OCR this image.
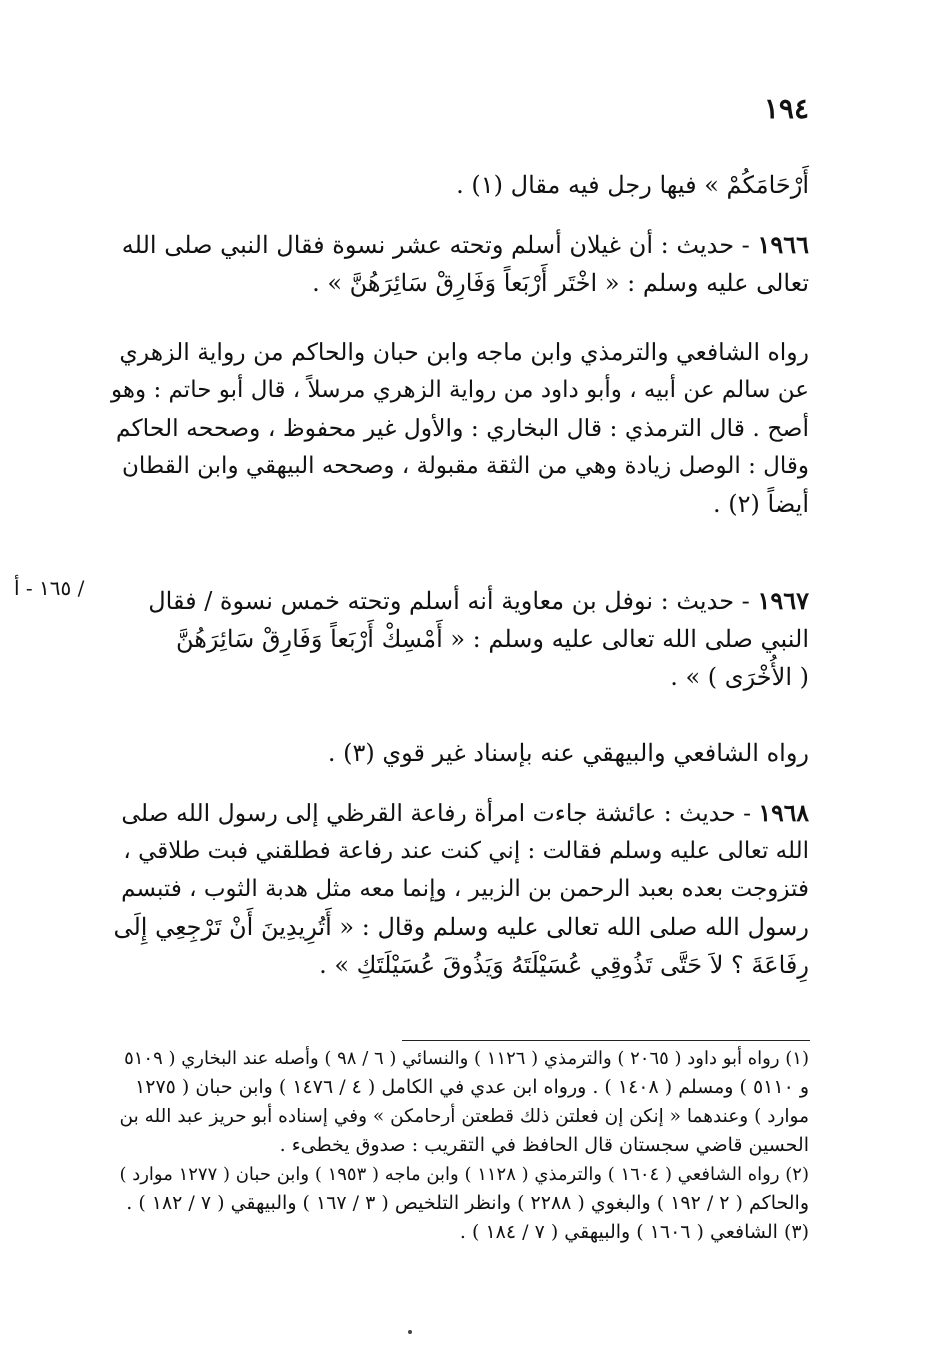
١٩٤
/ ١٦٥ - أ
أَرْحَامَكُمْ » فيها رجل فيه مقال (١) .
١٩٦٦ - حديث : أن غيلان أسلم وتحته عشر نسوة فقال النبي صلى الله
تعالى عليه وسلم : « اخْتَر أَرْبَعاً وَفَارِقْ سَائِرَهُنَّ » .
رواه الشافعي والترمذي وابن ماجه وابن حبان والحاكم من رواية الزهري
عن سالم عن أبيه ، وأبو داود من رواية الزهري مرسلاً ، قال أبو حاتم : وهو
أصح . قال الترمذي : قال البخاري : والأول غير محفوظ ، وصححه الحاكم
وقال : الوصل زيادة وهي من الثقة مقبولة ، وصححه البيهقي وابن القطان
أيضاً (٢) .
١٩٦٧ - حديث : نوفل بن معاوية أنه أسلم وتحته خمس نسوة / فقال
النبي صلى الله تعالى عليه وسلم : « أَمْسِكْ أَرْبَعاً وَفَارِقْ سَائِرَهُنَّ
( الأُخْرَى ) » .
رواه الشافعي والبيهقي عنه بإسناد غير قوي (٣) .
١٩٦٨ - حديث : عائشة جاءت امرأة رفاعة القرظي إلى رسول الله صلى
الله تعالى عليه وسلم فقالت : إني كنت عند رفاعة فطلقني فبت طلاقي ،
فتزوجت بعده بعبد الرحمن بن الزبير ، وإنما معه مثل هدبة الثوب ، فتبسم
رسول الله صلى الله تعالى عليه وسلم وقال : « أَتُرِيدِينَ أَنْ تَرْجِعِي إِلَى
رِفَاعَةَ ؟ لاَ حَتَّى تَذُوقِي عُسَيْلَتَهُ وَيَذُوقَ عُسَيْلَتَكِ » .
(١) رواه أبو داود ( ٢٠٦٥ ) والترمذي ( ١١٢٦ ) والنسائي ( ٦ / ٩٨ ) وأصله عند البخاري ( ٥١٠٩
و ٥١١٠ ) ومسلم ( ١٤٠٨ ) . ورواه ابن عدي في الكامل ( ٤ / ١٤٧٦ ) وابن حبان ( ١٢٧٥
موارد ) وعندهما « إنكن إن فعلتن ذلك قطعتن أرحامكن » وفي إسناده أبو حريز عبد الله بن
الحسين قاضي سجستان قال الحافظ في التقريب : صدوق يخطىء .
(٢) رواه الشافعي ( ١٦٠٤ ) والترمذي ( ١١٢٨ ) وابن ماجه ( ١٩٥٣ ) وابن حبان ( ١٢٧٧ موارد )
والحاكم ( ٢ / ١٩٢ ) والبغوي ( ٢٢٨٨ ) وانظر التلخيص ( ٣ / ١٦٧ ) والبيهقي ( ٧ / ١٨٢ ) .
(٣) الشافعي ( ١٦٠٦ ) والبيهقي ( ٧ / ١٨٤ ) .
